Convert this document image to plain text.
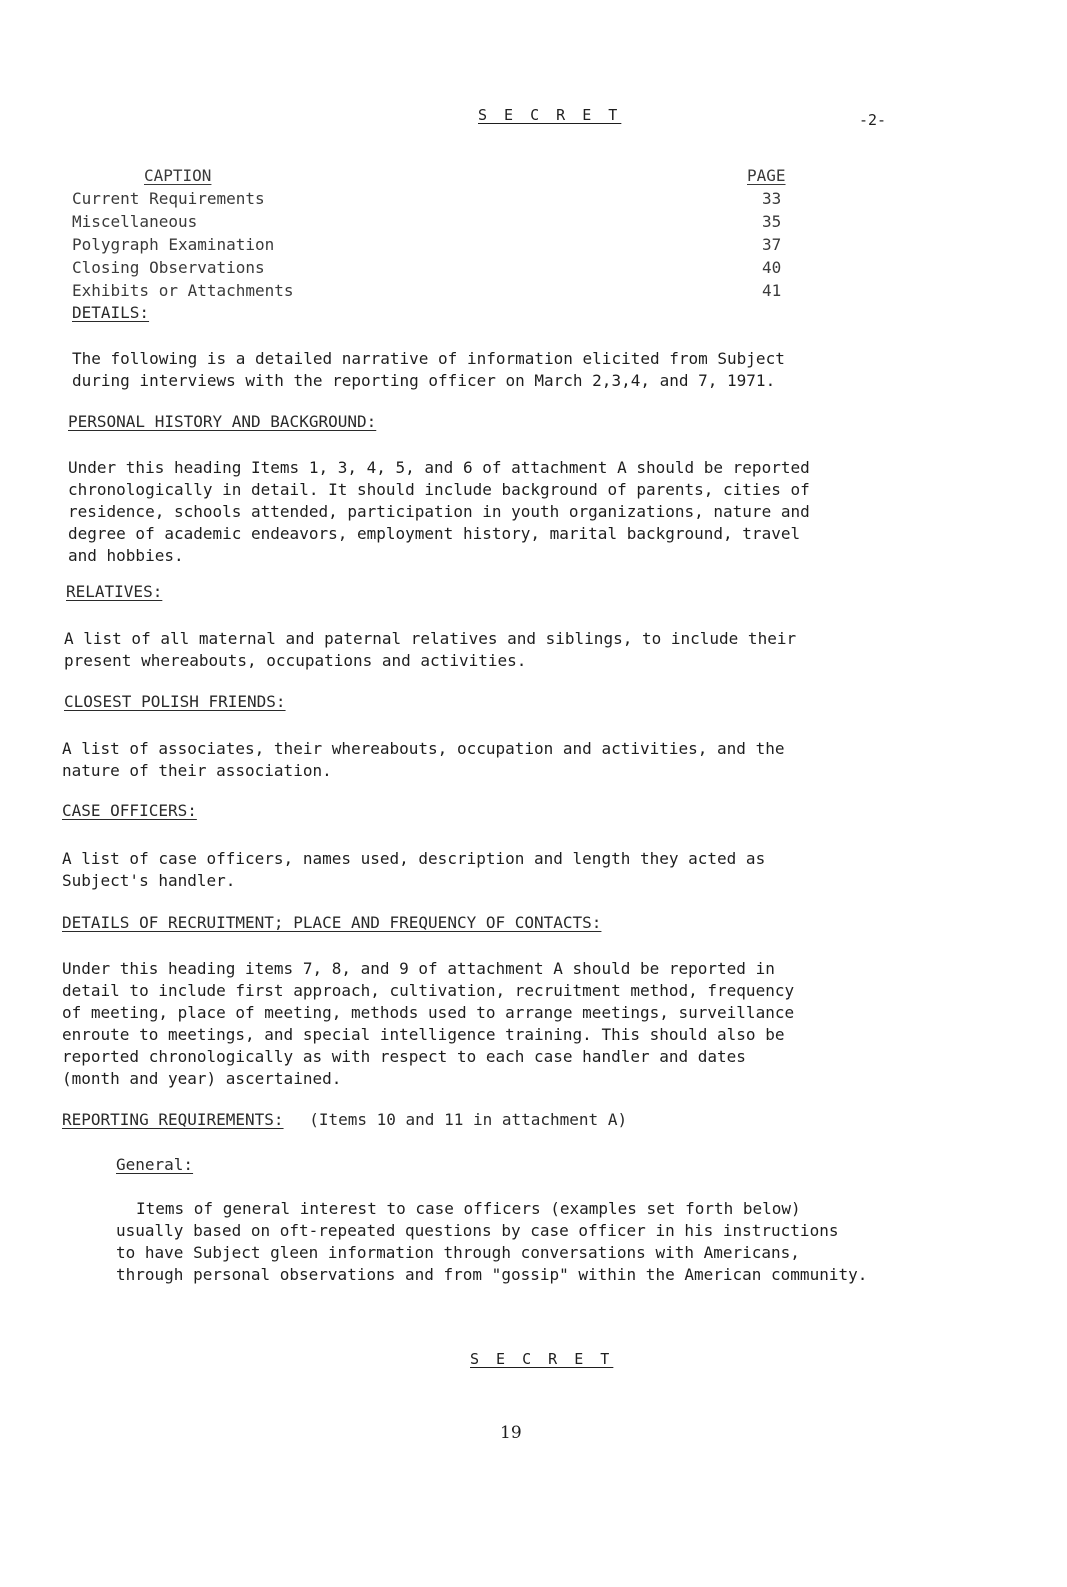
S E C R E T	-2-
CAPTION	PAGE
Current Requirements	33
Miscellaneous	35
Polygraph Examination	37
Closing Observations	40
Exhibits or Attachments	41
DETAILS:
The following is a detailed narrative of information elicited from Subject
during interviews with the reporting officer on March 2,3,4, and 7, 1971.
PERSONAL HISTORY AND BACKGROUND:
Under this heading Items 1, 3, 4, 5, and 6 of attachment A should be reported
chronologically in detail. It should include background of parents, cities of
residence, schools attended, participation in youth organizations, nature and
degree of academic endeavors, employment history, marital background, travel
and hobbies.
RELATIVES:
A list of all maternal and paternal relatives and siblings, to include their
present whereabouts, occupations and activities.
CLOSEST POLISH FRIENDS:
A list of associates, their whereabouts, occupation and activities, and the
nature of their association.
CASE OFFICERS:
A list of case officers, names used, description and length they acted as
Subject's handler.
DETAILS OF RECRUITMENT; PLACE AND FREQUENCY OF CONTACTS:
Under this heading items 7, 8, and 9 of attachment A should be reported in
detail to include first approach, cultivation, recruitment method, frequency
of meeting, place of meeting, methods used to arrange meetings, surveillance
enroute to meetings, and special intelligence training. This should also be
reported chronologically as with respect to each case handler and dates
(month and year) ascertained.
REPORTING REQUIREMENTS: (Items 10 and 11 in attachment A)
General:
Items of general interest to case officers (examples set forth below)
usually based on oft-repeated questions by case officer in his instructions
to have Subject gleen information through conversations with Americans,
through personal observations and from "gossip" within the American community.
S E C R E T
19
